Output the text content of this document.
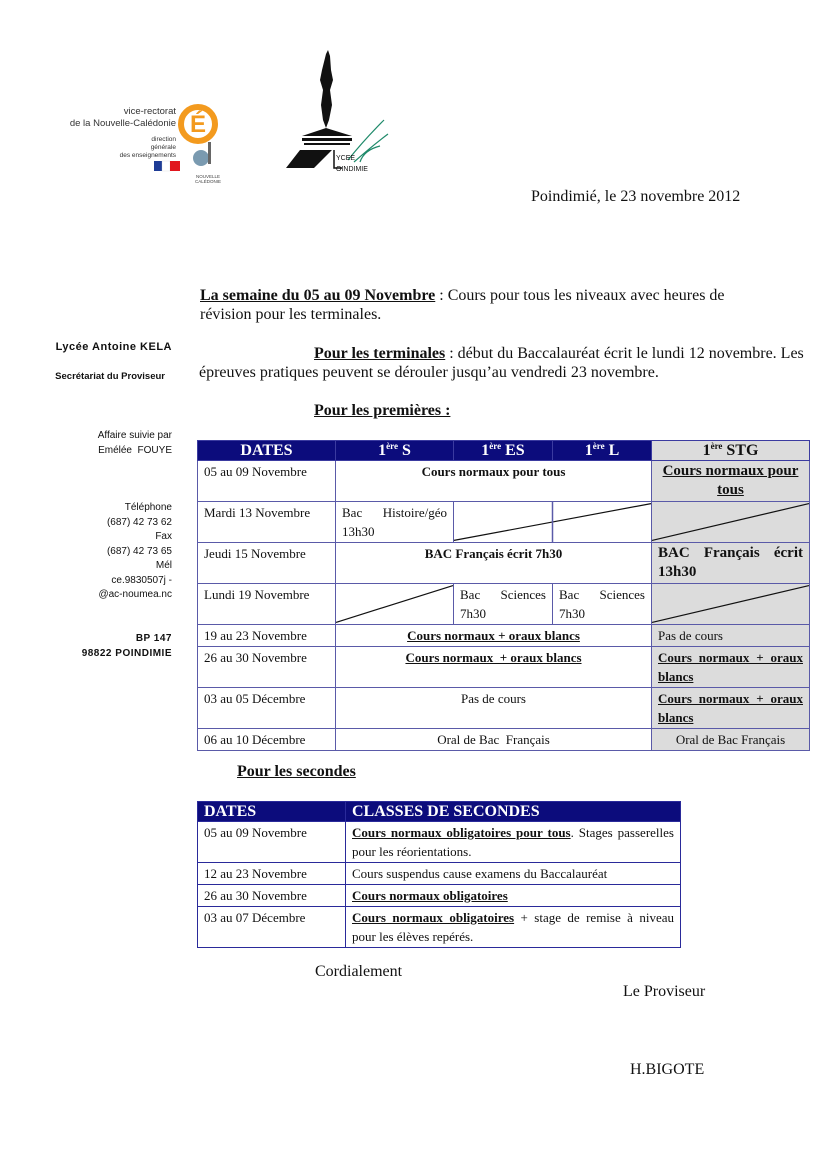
vice-rectorat
de la Nouvelle-Calédonie É
direction
générale
des enseignements
NOUVELLE
CALÉDONIE
YCEE
OINDIMIE
Poindimié, le 23 novembre 2012
Lycée Antoine KELA
Secrétariat du Proviseur
Affaire suivie par
Emélée  FOUYE
Téléphone
(687) 42 73 62
Fax
(687) 42 73 65
Mél
ce.9830507j -
@ac-noumea.nc
BP 147
98822 POINDIMIE
La semaine du 05 au 09 Novembre : Cours pour tous les niveaux avec heures de révision pour les terminales.
Pour les terminales : début du Baccalauréat écrit le lundi 12 novembre. Les épreuves pratiques peuvent se dérouler jusqu’au vendredi 23 novembre.
Pour les premières :
DATES	1ère S	1ère ES	1ère L	1ère STG
05 au 09 Novembre	Cours normaux pour tous			Cours normaux pour tous
Mardi 13 Novembre	Bac Histoire/géo 13h30	

Jeudi 15 Novembre	BAC Français écrit 7h30			BAC Français écrit 13h30
Lundi 19 Novembre		Bac Sciences 7h30	Bac Sciences 7h30	

19 au 23 Novembre	Cours normaux + oraux blancs			Pas de cours
26 au 30 Novembre	Cours normaux  + oraux blancs			Cours normaux + oraux blancs
03 au 05 Décembre	Pas de cours			Cours normaux + oraux blancs
06 au 10 Décembre	Oral de Bac  Français			Oral de Bac Français
Pour les secondes
DATES	CLASSES DE SECONDES
05 au 09 Novembre	Cours normaux obligatoires pour tous. Stages passerelles pour les réorientations.
12 au 23 Novembre	Cours suspendus cause examens du Baccalauréat
26 au 30 Novembre	Cours normaux obligatoires
03 au 07 Décembre	Cours normaux obligatoires + stage de remise à niveau pour les élèves repérés.
Cordialement
Le Proviseur
H.BIGOTE
